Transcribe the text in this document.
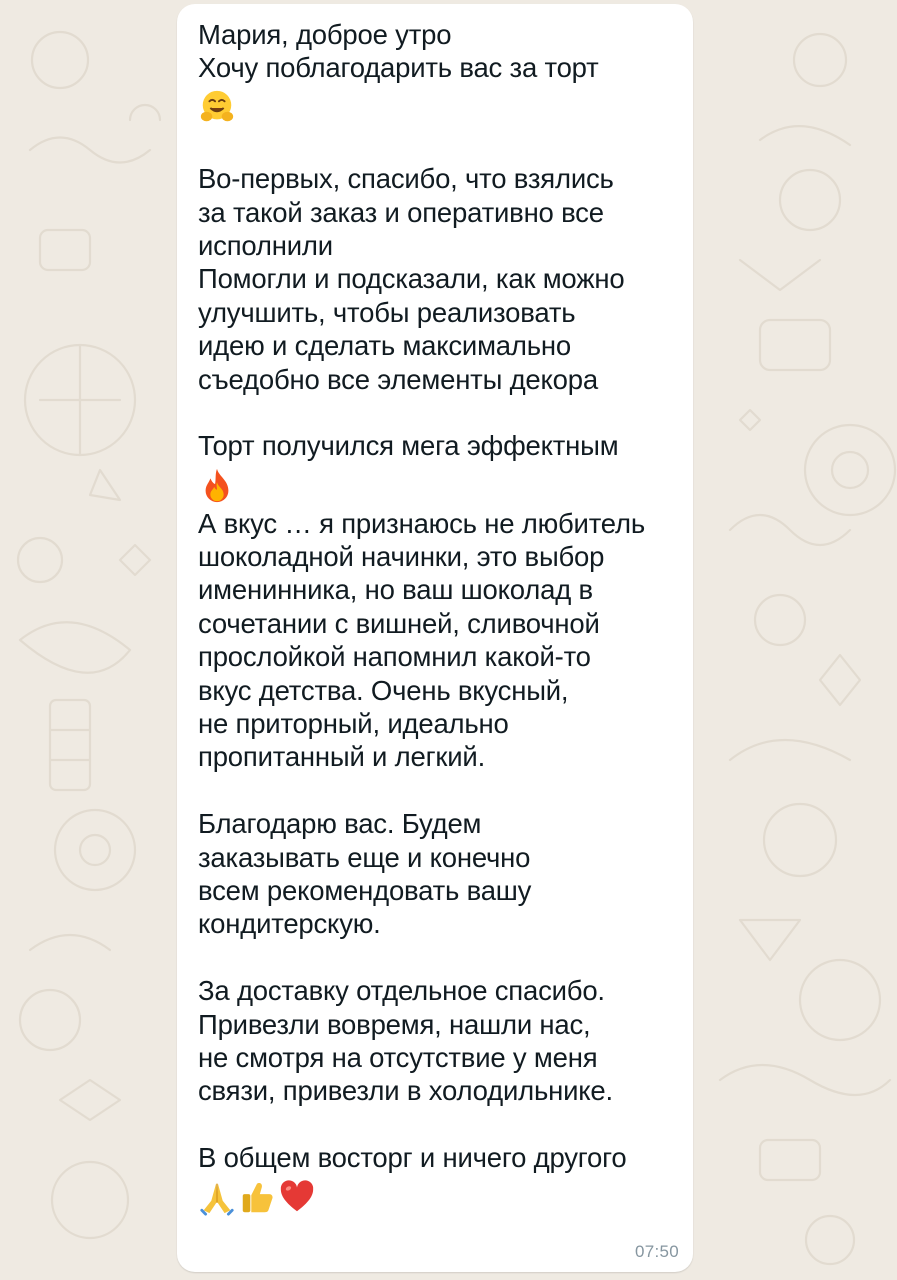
Мария, доброе утро
Хочу поблагодарить вас за торт
Во-первых, спасибо, что взялись
за такой заказ и оперативно все
исполнили
Помогли и подсказали, как можно
улучшить, чтобы реализовать
идею и сделать максимально
съедобно все элементы декора
Торт получился мега эффектным
А вкус … я признаюсь не любитель
шоколадной начинки, это выбор
именинника, но ваш шоколад в
сочетании с вишней, сливочной
прослойкой напомнил какой-то
вкус детства. Очень вкусный,
не приторный, идеально
пропитанный и легкий.
Благодарю вас. Будем
заказывать еще и конечно
всем рекомендовать вашу
кондитерскую.
За доставку отдельное спасибо.
Привезли вовремя, нашли нас,
не смотря на отсутствие у меня
связи, привезли в холодильнике.
В общем восторг и ничего другого
07:50
